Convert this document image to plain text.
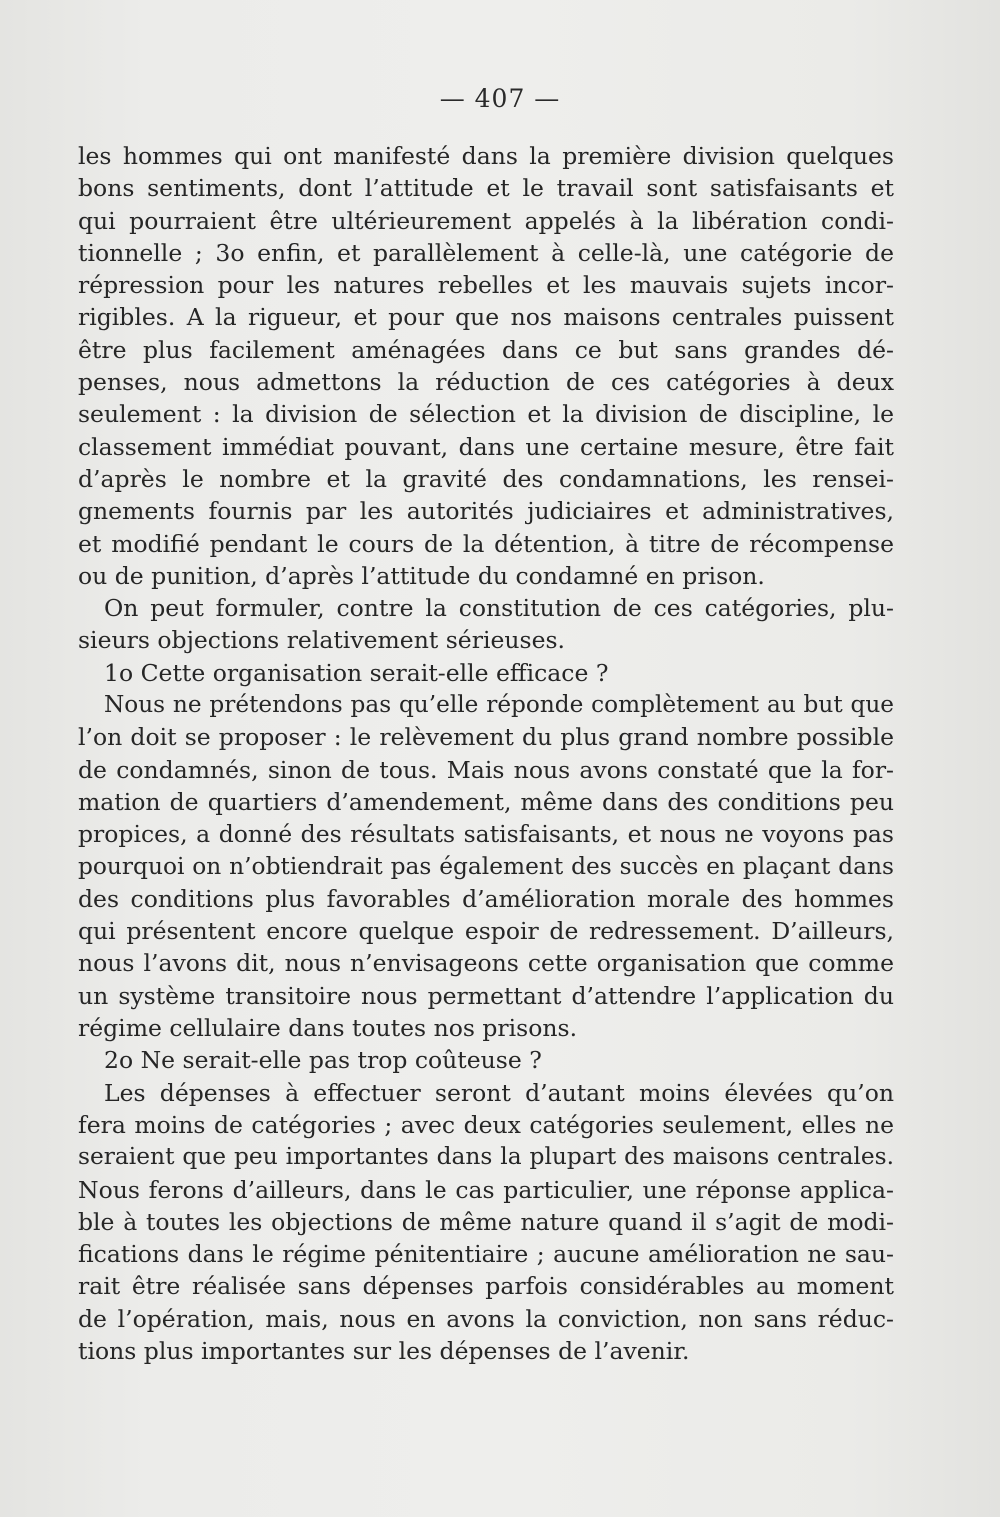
— 407 —
les hommes qui ont manifesté dans la première division quelques
bons sentiments, dont l’attitude et le travail sont satisfaisants et
qui pourraient être ultérieurement appelés à la libération condi-
tionnelle ; 3o enfin, et parallèlement à celle-là, une catégorie de
répression pour les natures rebelles et les mauvais sujets incor-
rigibles. A la rigueur, et pour que nos maisons centrales puissent
être plus facilement aménagées dans ce but sans grandes dé-
penses, nous admettons la réduction de ces catégories à deux
seulement : la division de sélection et la division de discipline, le
classement immédiat pouvant, dans une certaine mesure, être fait
d’après le nombre et la gravité des condamnations, les rensei-
gnements fournis par les autorités judiciaires et administratives,
et modifié pendant le cours de la détention, à titre de récompense
ou de punition, d’après l’attitude du condamné en prison.
On peut formuler, contre la constitution de ces catégories, plu-
sieurs objections relativement sérieuses.
1o Cette organisation serait-elle efficace ?
Nous ne prétendons pas qu’elle réponde complètement au but que
l’on doit se proposer : le relèvement du plus grand nombre possible
de condamnés, sinon de tous. Mais nous avons constaté que la for-
mation de quartiers d’amendement, même dans des conditions peu
propices, a donné des résultats satisfaisants, et nous ne voyons pas
pourquoi on n’obtiendrait pas également des succès en plaçant dans
des conditions plus favorables d’amélioration morale des hommes
qui présentent encore quelque espoir de redressement. D’ailleurs,
nous l’avons dit, nous n’envisageons cette organisation que comme
un système transitoire nous permettant d’attendre l’application du
régime cellulaire dans toutes nos prisons.
2o Ne serait-elle pas trop coûteuse ?
Les dépenses à effectuer seront d’autant moins élevées qu’on
fera moins de catégories ; avec deux catégories seulement, elles ne
seraient que peu importantes dans la plupart des maisons centrales.
Nous ferons d’ailleurs, dans le cas particulier, une réponse applica-
ble à toutes les objections de même nature quand il s’agit de modi-
fications dans le régime pénitentiaire ; aucune amélioration ne sau-
rait être réalisée sans dépenses parfois considérables au moment
de l’opération, mais, nous en avons la conviction, non sans réduc-
tions plus importantes sur les dépenses de l’avenir.
